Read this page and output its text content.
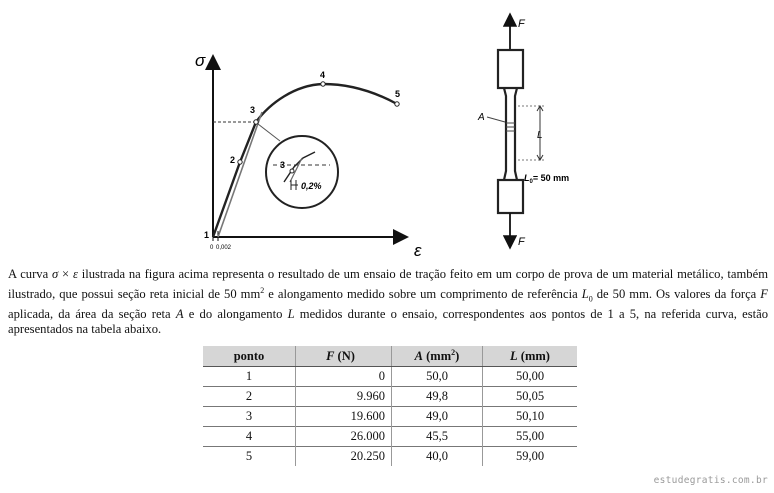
σ
ε
1
0 0,002
2
3
4
5
3
0,2%
F
F
A
L
$L_0= 50$ mm

A curva σ × ε ilustrada na figura acima representa o resultado de um ensaio de tração feito em um corpo de prova de um material metálico, também ilustrado, que possui seção reta inicial de 50 $mm^2$ e alongamento medido sobre um comprimento de referência $L_0$ de 50 mm. Os valores da força F aplicada, da área da seção reta A e do alongamento L medidos durante o ensaio, correspondentes aos pontos de 1 a 5, na referida curva, estão apresentados na tabela abaixo.

ponto	F (N)	A $(mm^2)$	L (mm)
1	0	50,0	50,00
2	9.960	49,8	50,05
3	19.600	49,0	50,10
4	26.000	45,5	55,00
5	20.250	40,0	59,00
estudegratis.com.br
